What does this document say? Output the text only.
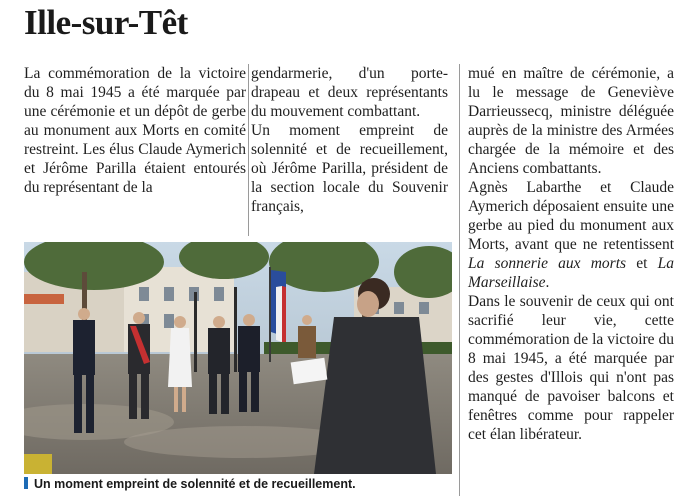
Ille-sur-Têt

La commémoration de la victoire du 8 mai 1945 a été marquée par une cérémonie et un dépôt de gerbe au monument aux Morts en comité restreint. Les élus Claude Aymerich et Jérôme Parilla étaient entourés du représentant de la

gendarmerie, d'un porte-drapeau et deux représentants du mouvement combattant.

Un moment empreint de solennité et de recueillement, où Jérôme Parilla, président de la section locale du Souvenir français,

mué en maître de cérémonie, a lu le message de Geneviève Darrieussecq, ministre déléguée auprès de la ministre des Armées chargée de la mémoire et des Anciens combattants.

Agnès Labarthe et Claude Aymerich déposaient ensuite une gerbe au pied du monument aux Morts, avant que ne retentissent La sonnerie aux morts et La Marseillaise.

Dans le souvenir de ceux qui ont sacrifié leur vie, cette commémoration de la victoire du 8 mai 1945, a été marquée par des gestes d'Illois qui n'ont pas manqué de pavoiser balcons et fenêtres comme pour rappeler cet élan libérateur.

Un moment empreint de solennité et de recueillement.
